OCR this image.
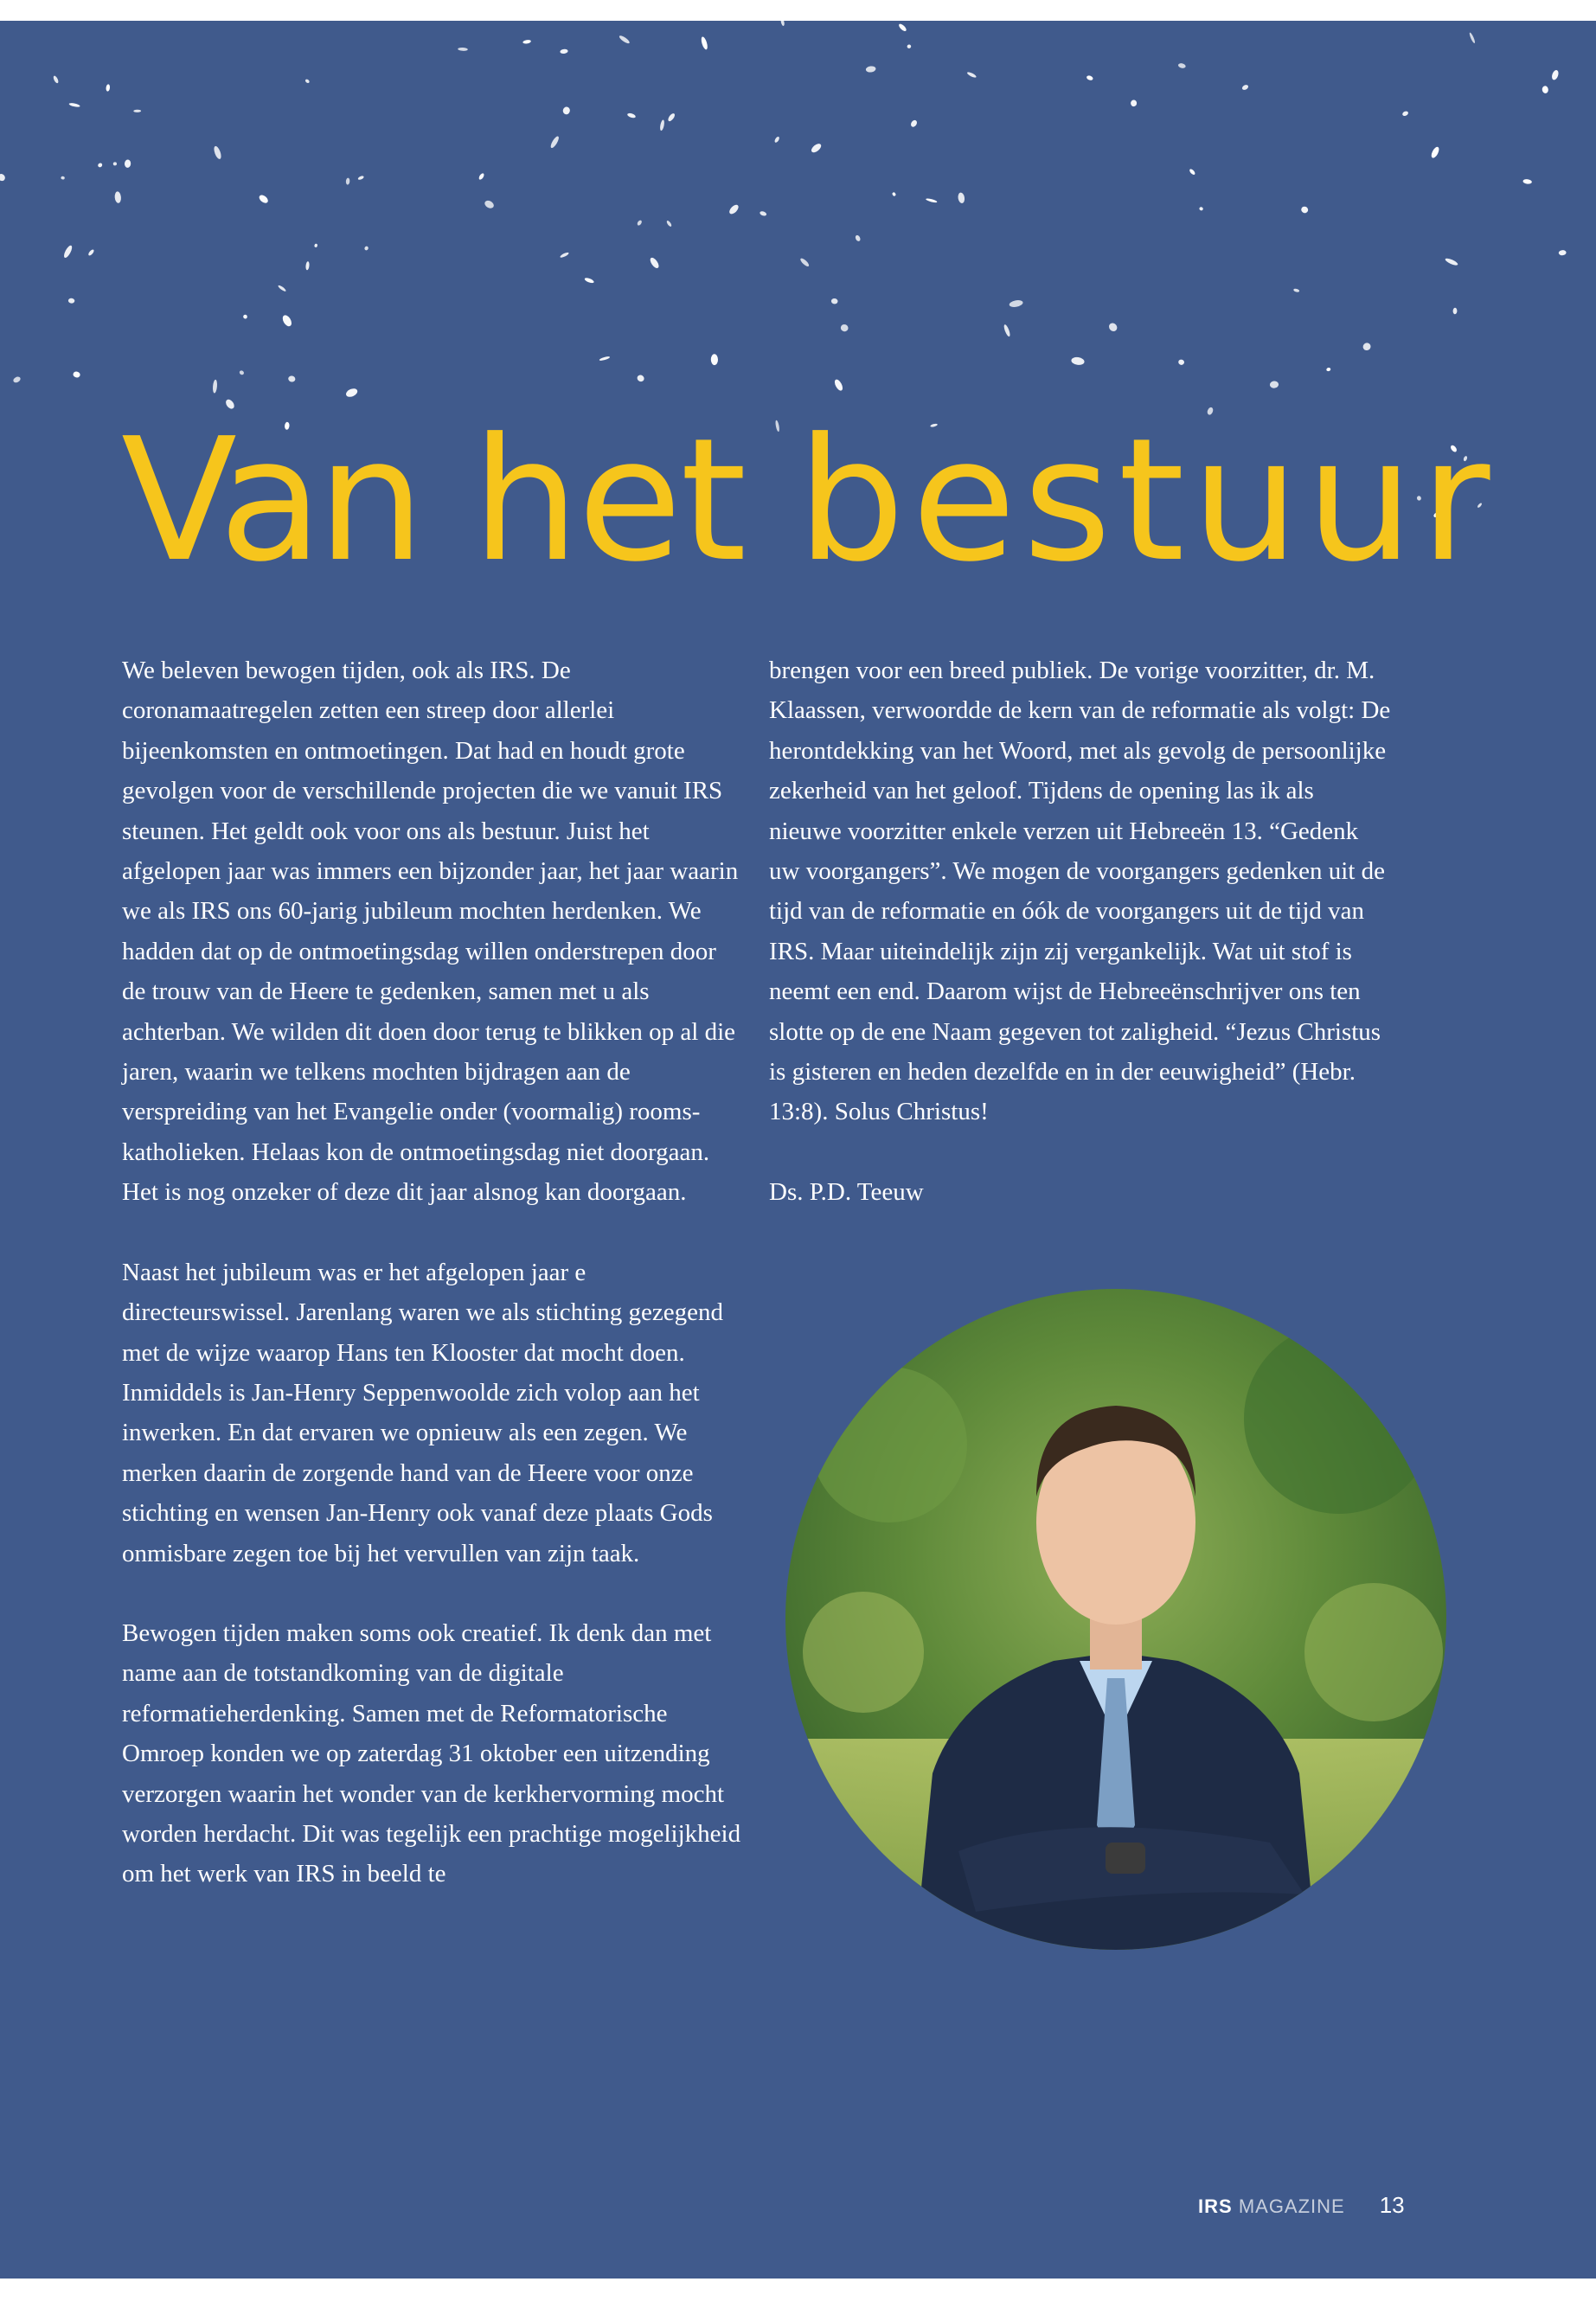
Van het bestuur

We beleven bewogen tijden, ook als IRS. De coronamaatregelen zetten een streep door allerlei bijeenkomsten en ontmoetingen. Dat had en houdt grote gevolgen voor de verschillende projecten die we vanuit IRS steunen. Het geldt ook voor ons als bestuur. Juist het afgelopen jaar was immers een bijzonder jaar, het jaar waarin we als IRS ons 60-jarig jubileum mochten herdenken. We hadden dat op de ontmoetingsdag willen onderstrepen door de trouw van de Heere te gedenken, samen met u als achterban. We wilden dit doen door terug te blikken op al die jaren, waarin we telkens mochten bijdragen aan de verspreiding van het Evangelie onder (voormalig) rooms-katholieken. Helaas kon de ontmoetingsdag niet doorgaan. Het is nog onzeker of deze dit jaar alsnog kan doorgaan.

Naast het jubileum was er het afgelopen jaar e directeurswissel. Jarenlang waren we als stichting gezegend met de wijze waarop Hans ten Klooster dat mocht doen. Inmiddels is Jan-Henry Seppenwoolde zich volop aan het inwerken. En dat ervaren we opnieuw als een zegen. We merken daarin de zorgende hand van de Heere voor onze stichting en wensen Jan-Henry ook vanaf deze plaats Gods onmisbare zegen toe bij het vervullen van zijn taak.

Bewogen tijden maken soms ook creatief. Ik denk dan met name aan de totstandkoming van de digitale reformatieherdenking. Samen met de Reformatorische Omroep konden we op zaterdag 31 oktober een uitzending verzorgen waarin het wonder van de kerkhervorming mocht worden herdacht. Dit was tegelijk een prachtige mogelijkheid om het werk van IRS in beeld te

brengen voor een breed publiek. De vorige voorzitter, dr. M. Klaassen, verwoordde de kern van de reformatie als volgt: De herontdekking van het Woord, met als gevolg de persoonlijke zekerheid van het geloof. Tijdens de opening las ik als nieuwe voorzitter enkele verzen uit Hebreeën 13. “Gedenk uw voorgangers”. We mogen de voorgangers gedenken uit de tijd van de reformatie en óók de voorgangers uit de tijd van IRS. Maar uiteindelijk zijn zij vergankelijk. Wat uit stof is neemt een end. Daarom wijst de Hebreeënschrijver ons ten slotte op de ene Naam gegeven tot zaligheid. “Jezus Christus is gisteren en heden dezelfde en in der eeuwigheid” (Hebr. 13:8). Solus Christus!

Ds. P.D. Teeuw

IRS MAGAZINE 13
